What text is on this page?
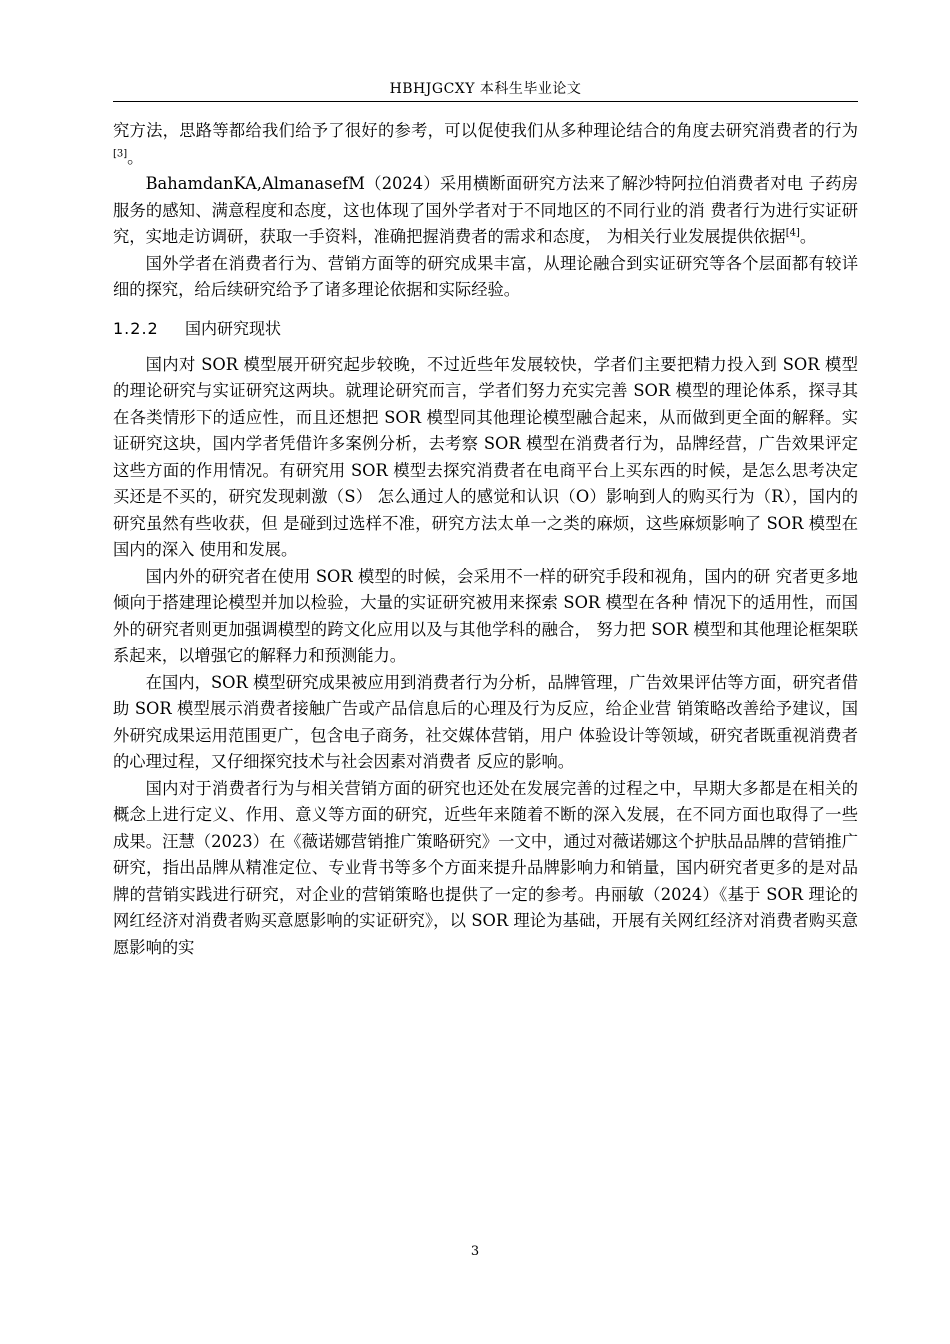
HBHJGCXY 本科生毕业论文

究方法，思路等都给我们给予了很好的参考，可以促使我们从多种理论结合的角度去研究消费者的行为[3]。

BahamdanKA,AlmanasefM（2024）采用横断面研究方法来了解沙特阿拉伯消费者对电 子药房服务的感知、满意程度和态度，这也体现了国外学者对于不同地区的不同行业的消 费者行为进行实证研究，实地走访调研，获取一手资料，准确把握消费者的需求和态度， 为相关行业发展提供依据[4]。

国外学者在消费者行为、营销方面等的研究成果丰富，从理论融合到实证研究等各个层面都有较详细的探究，给后续研究给予了诸多理论依据和实际经验。

1.2.2 国内研究现状

国内对 SOR 模型展开研究起步较晚，不过近些年发展较快，学者们主要把精力投入到 SOR 模型的理论研究与实证研究这两块。就理论研究而言，学者们努力充实完善 SOR 模型的理论体系，探寻其在各类情形下的适应性，而且还想把 SOR 模型同其他理论模型融合起来，从而做到更全面的解释。实证研究这块，国内学者凭借许多案例分析，去考察 SOR 模型在消费者行为，品牌经营，广告效果评定这些方面的作用情况。有研究用 SOR 模型去探究消费者在电商平台上买东西的时候，是怎么思考决定买还是不买的，研究发现刺激（S） 怎么通过人的感觉和认识（O）影响到人的购买行为（R），国内的研究虽然有些收获，但 是碰到过选样不准，研究方法太单一之类的麻烦，这些麻烦影响了 SOR 模型在国内的深入 使用和发展。

国内外的研究者在使用 SOR 模型的时候，会采用不一样的研究手段和视角，国内的研 究者更多地倾向于搭建理论模型并加以检验，大量的实证研究被用来探索 SOR 模型在各种 情况下的适用性，而国外的研究者则更加强调模型的跨文化应用以及与其他学科的融合， 努力把 SOR 模型和其他理论框架联系起来，以增强它的解释力和预测能力。

在国内，SOR 模型研究成果被应用到消费者行为分析，品牌管理，广告效果评估等方面，研究者借助 SOR 模型展示消费者接触广告或产品信息后的心理及行为反应，给企业营 销策略改善给予建议，国外研究成果运用范围更广，包含电子商务，社交媒体营销，用户 体验设计等领域，研究者既重视消费者的心理过程，又仔细探究技术与社会因素对消费者 反应的影响。

国内对于消费者行为与相关营销方面的研究也还处在发展完善的过程之中，早期大多都是在相关的概念上进行定义、作用、意义等方面的研究，近些年来随着不断的深入发展，在不同方面也取得了一些成果。汪慧（2023）在《薇诺娜营销推广策略研究》一文中，通过对薇诺娜这个护肤品品牌的营销推广研究，指出品牌从精准定位、专业背书等多个方面来提升品牌影响力和销量，国内研究者更多的是对品牌的营销实践进行研究，对企业的营销策略也提供了一定的参考。冉丽敏（2024）《基于 SOR 理论的网红经济对消费者购买意愿影响的实证研究》，以 SOR 理论为基础，开展有关网红经济对消费者购买意愿影响的实

3
